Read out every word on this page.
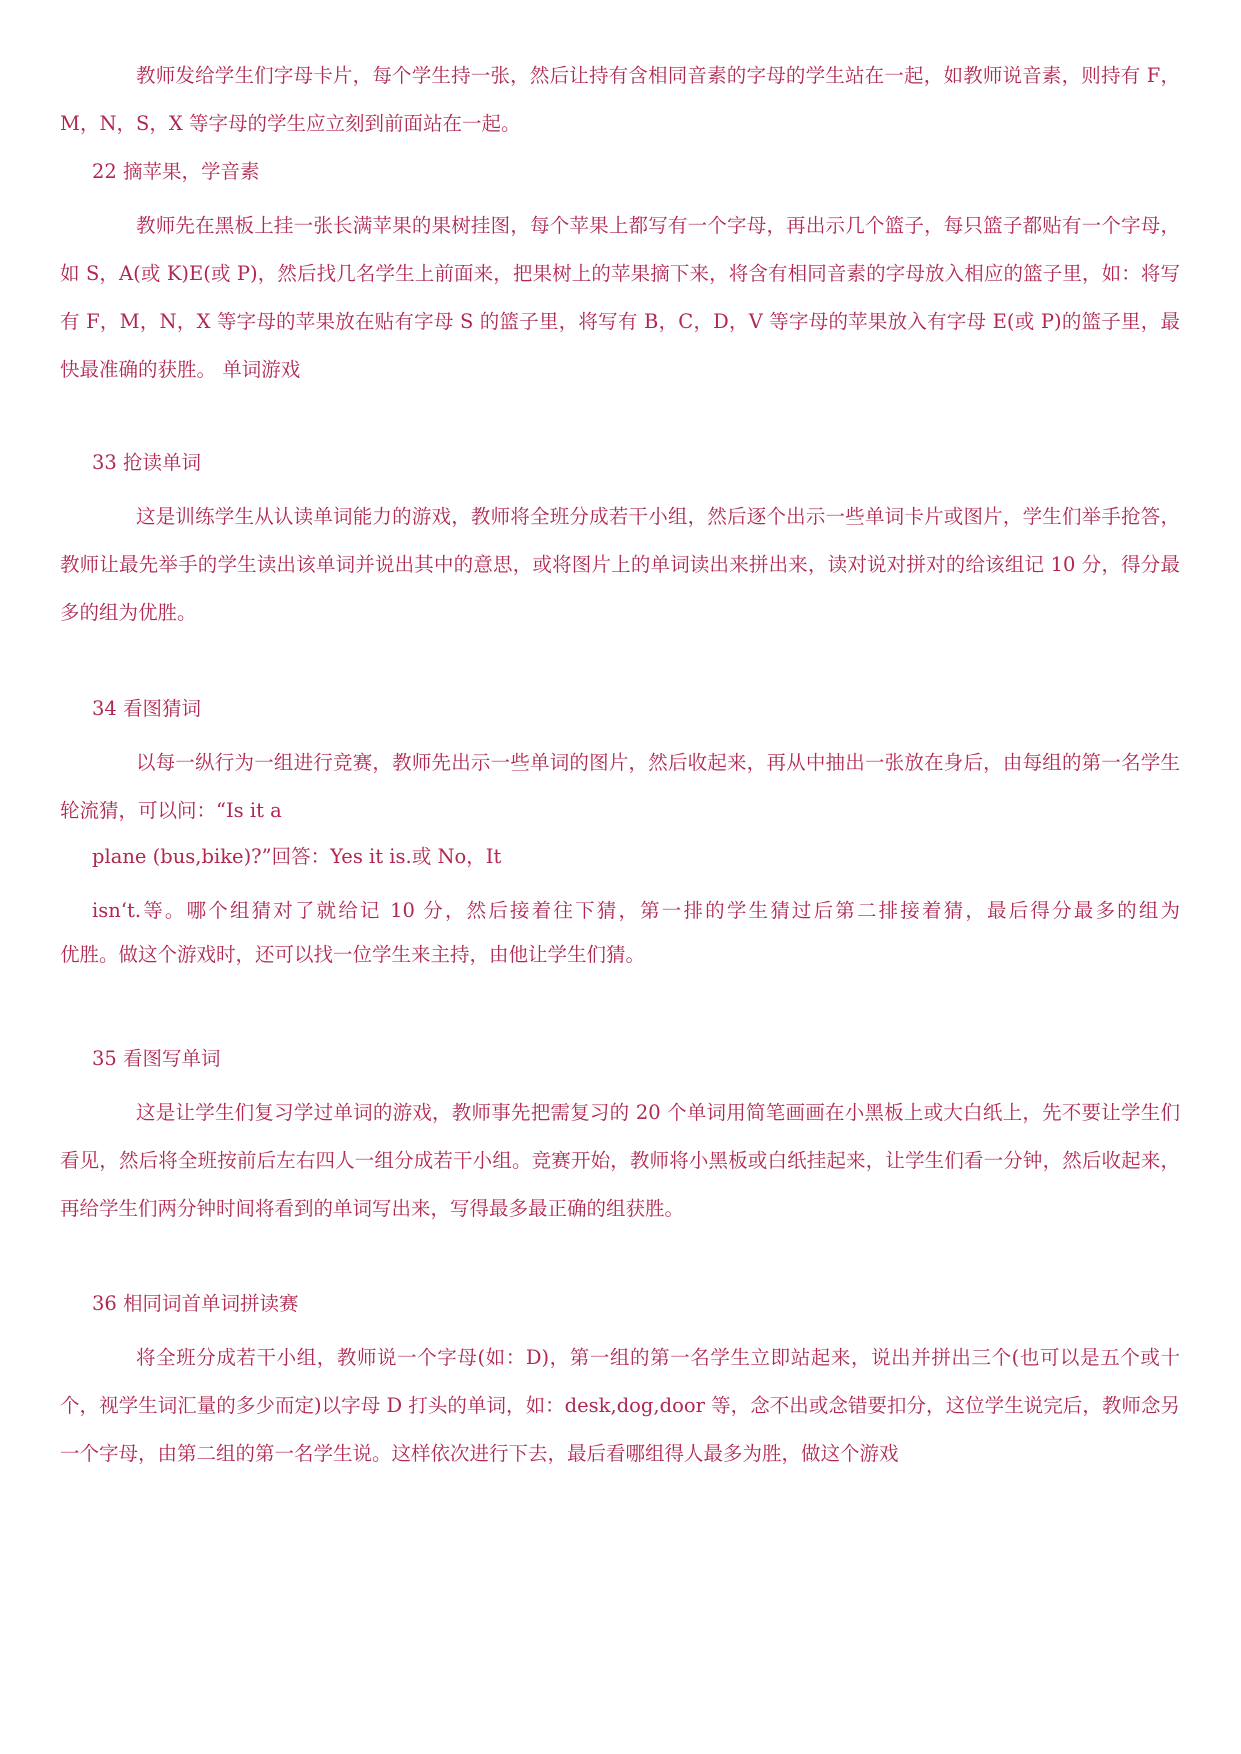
教师发给学生们字母卡片，每个学生持一张，然后让持有含相同音素的字母的学生站在一起，如教师说音素，则持有 F，M，N，S，X 等字母的学生应立刻到前面站在一起。

22 摘苹果，学音素

教师先在黑板上挂一张长满苹果的果树挂图，每个苹果上都写有一个字母，再出示几个篮子，每只篮子都贴有一个字母，如 S，A(或 K)E(或 P)，然后找几名学生上前面来，把果树上的苹果摘下来，将含有相同音素的字母放入相应的篮子里，如：将写有 F，M，N，X 等字母的苹果放在贴有字母 S 的篮子里，将写有 B，C，D，V 等字母的苹果放入有字母 E(或 P)的篮子里，最快最准确的获胜。 单词游戏

33 抢读单词

这是训练学生从认读单词能力的游戏，教师将全班分成若干小组，然后逐个出示一些单词卡片或图片，学生们举手抢答，教师让最先举手的学生读出该单词并说出其中的意思，或将图片上的单词读出来拼出来，读对说对拼对的给该组记 10 分，得分最多的组为优胜。

34 看图猜词

以每一纵行为一组进行竞赛，教师先出示一些单词的图片，然后收起来，再从中抽出一张放在身后，由每组的第一名学生轮流猜，可以问：“Is it a

plane (bus,bike)?”回答：Yes it is.或 No，It

isn‘t.等。哪个组猜对了就给记 10 分，然后接着往下猜，第一排的学生猜过后第二排接着猜，最后得分最多的组为

优胜。做这个游戏时，还可以找一位学生来主持，由他让学生们猜。

35 看图写单词

这是让学生们复习学过单词的游戏，教师事先把需复习的 20 个单词用简笔画画在小黑板上或大白纸上，先不要让学生们看见，然后将全班按前后左右四人一组分成若干小组。竞赛开始，教师将小黑板或白纸挂起来，让学生们看一分钟，然后收起来，再给学生们两分钟时间将看到的单词写出来，写得最多最正确的组获胜。

36 相同词首单词拼读赛

将全班分成若干小组，教师说一个字母(如：D)，第一组的第一名学生立即站起来，说出并拼出三个(也可以是五个或十个，视学生词汇量的多少而定)以字母 D 打头的单词，如：desk,dog,door 等，念不出或念错要扣分，这位学生说完后，教师念另一个字母，由第二组的第一名学生说。这样依次进行下去，最后看哪组得人最多为胜，做这个游戏
